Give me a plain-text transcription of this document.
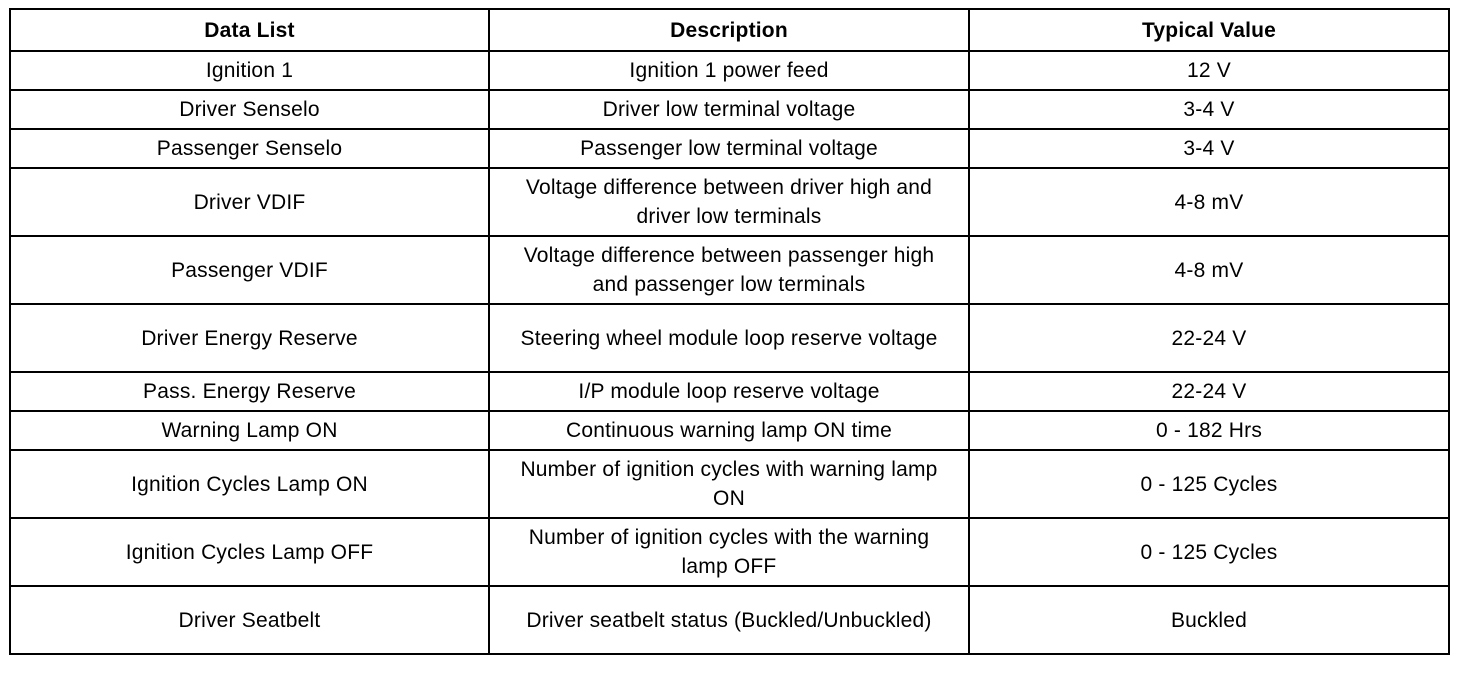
Data List	Description	Typical Value
Ignition 1	Ignition 1 power feed	12 V
Driver Senselo	Driver low terminal voltage	3-4 V
Passenger Senselo	Passenger low terminal voltage	3-4 V
Driver VDIF	Voltage difference between driver high and driver low terminals	4-8 mV
Passenger VDIF	Voltage difference between passenger high and passenger low terminals	4-8 mV
Driver Energy Reserve	Steering wheel module loop reserve voltage	22-24 V
Pass. Energy Reserve	I/P module loop reserve voltage	22-24 V
Warning Lamp ON	Continuous warning lamp ON time	0 - 182 Hrs
Ignition Cycles Lamp ON	Number of ignition cycles with warning lamp ON	0 - 125 Cycles
Ignition Cycles Lamp OFF	Number of ignition cycles with the warning lamp OFF	0 - 125 Cycles
Driver Seatbelt	Driver seatbelt status (Buckled/Unbuckled)	Buckled
